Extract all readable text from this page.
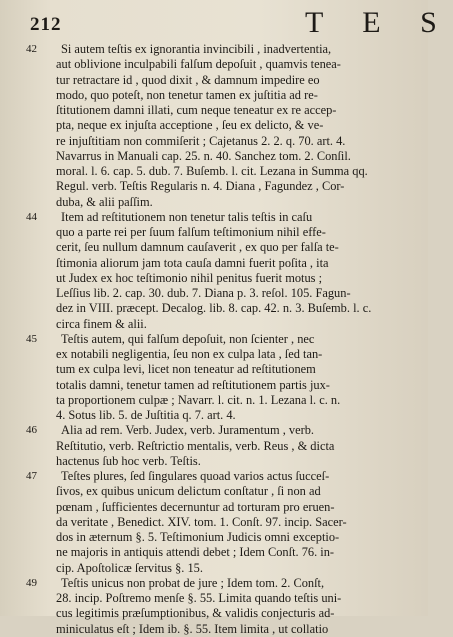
212	T E S
42	Si autem teſtis ex ignorantia invincibili , inadvertentia,
aut oblivione inculpabili falſum depoſuit , quamvis tenea-
tur retractare id , quod dixit , & damnum impedire eo
modo, quo poteſt, non tenetur tamen ex juſtitia ad re-
ſtitutionem damni illati, cum neque teneatur ex re accep-
pta, neque ex injuſta acceptione , ſeu ex delicto, & ve-
re injuſtitiam non commiſerit ; Cajetanus 2. 2. q. 70. art. 4.
Navarrus in Manuali cap. 25. n. 40. Sanchez tom. 2. Conſil.
moral. l. 6. cap. 5. dub. 7. Buſemb. l. cit. Lezana in Summa qq.
Regul. verb. Teſtis Regularis n. 4. Diana , Fagundez , Cor-
duba, & alii paſſim.
44	Item ad reſtitutionem non tenetur talis teſtis in caſu
quo a parte rei per ſuum falſum teſtimonium nihil effe-
cerit, ſeu nullum damnum cauſaverit , ex quo per falſa te-
ſtimonia aliorum jam tota cauſa damni fuerit poſita , ita
ut Judex ex hoc teſtimonio nihil penitus fuerit motus ;
Leſſius lib. 2. cap. 30. dub. 7. Diana p. 3. reſol. 105. Fagun-
dez in VIII. præcept. Decalog. lib. 8. cap. 42. n. 3. Buſemb. l. c.
circa finem & alii.
45	Teſtis autem, qui falſum depoſuit, non ſcienter , nec
ex notabili negligentia, ſeu non ex culpa lata , ſed tan-
tum ex culpa levi, licet non teneatur ad reſtitutionem
totalis damni, tenetur tamen ad reſtitutionem partis jux-
ta proportionem culpæ ; Navarr. l. cit. n. 1. Lezana l. c. n.
4. Sotus lib. 5. de Juſtitia q. 7. art. 4.
46	Alia ad rem. Verb. Judex, verb. Juramentum , verb.
Reſtitutio, verb. Reſtrictio mentalis, verb. Reus , & dicta
hactenus ſub hoc verb. Teſtis.
47	Teſtes plures, ſed ſingulares quoad varios actus ſucceſ-
ſivos, ex quibus unicum delictum conſtatur , ſi non ad
pœnam , ſufficientes decernuntur ad torturam pro eruen-
da veritate , Benedict. XIV. tom. 1. Conſt. 97. incip. Sacer-
dos in æternum §. 5. Teſtimonium Judicis omni exceptio-
ne majoris in antiquis attendi debet ; Idem Conſt. 76. in-
cip. Apoſtolicæ ſervitus §. 15.
49	Teſtis unicus non probat de jure ; Idem tom. 2. Conſt,
28. incip. Poſtremo menſe §. 55. Limita quando teſtis uni-
cus legitimis præſumptionibus, & validis conjecturis ad-
miniculatus eſt ; Idem ib. §. 55. Item limita , ut collatio
